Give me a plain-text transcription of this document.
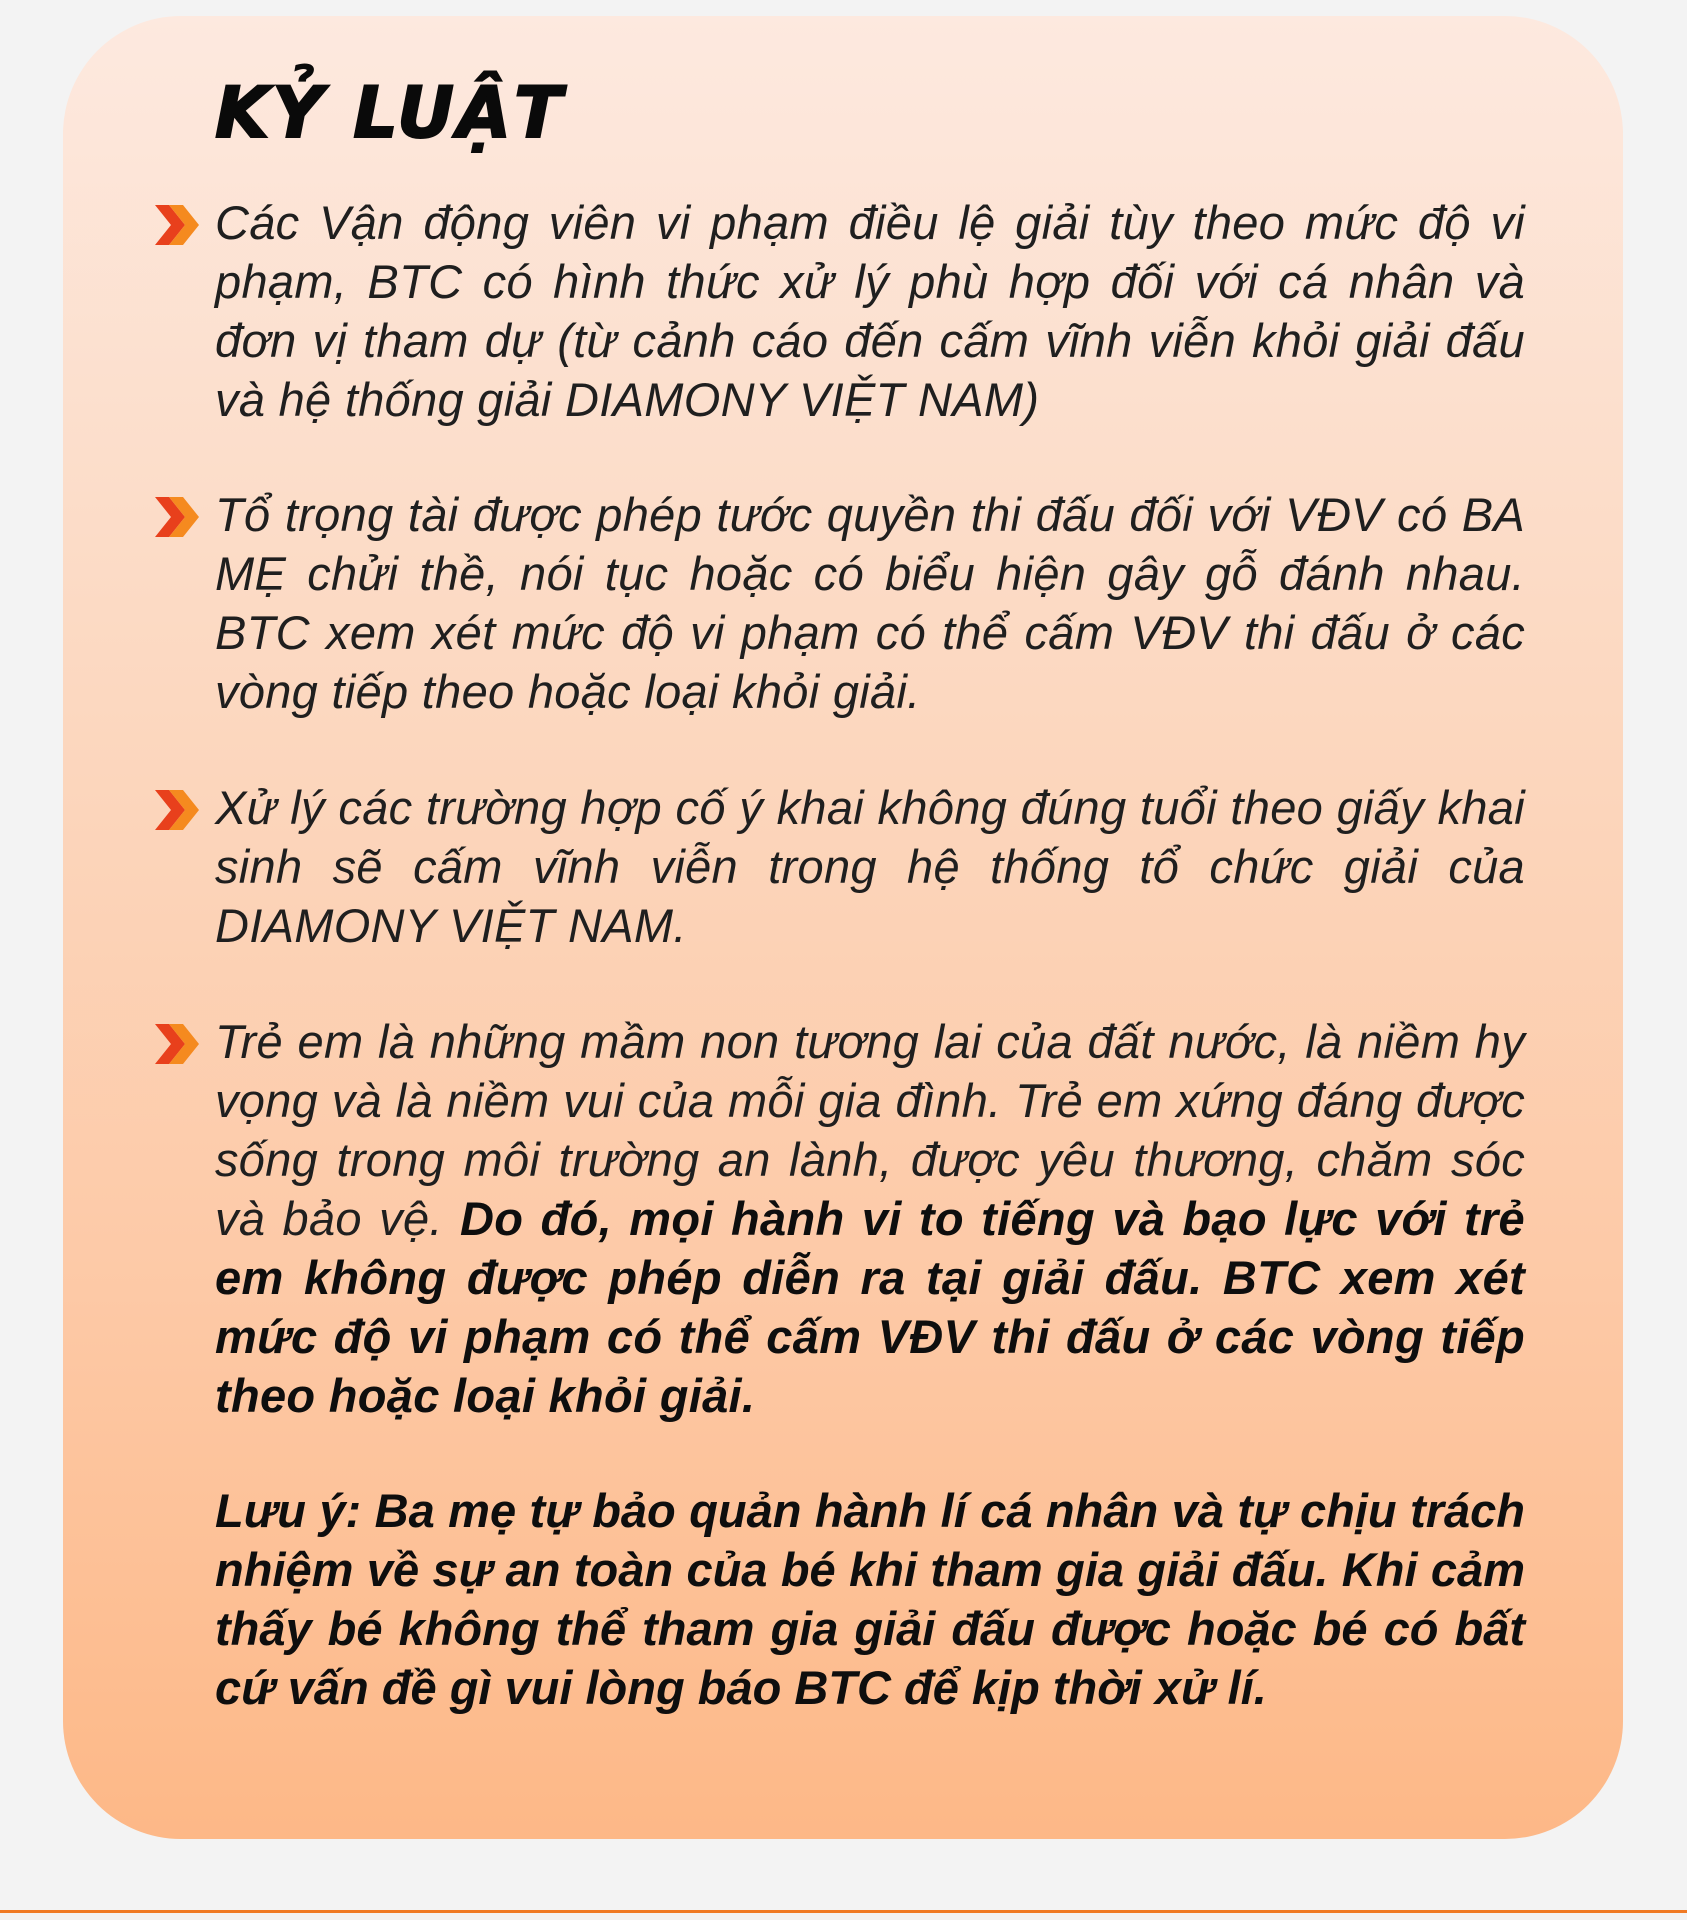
KỶ LUẬT

Các Vận động viên vi phạm điều lệ giải tùy theo mức độ vi phạm, BTC có hình thức xử lý phù hợp đối với cá nhân và đơn vị tham dự (từ cảnh cáo đến cấm vĩnh viễn khỏi giải đấu và hệ thống giải DIAMONY VIỆT NAM)

Tổ trọng tài được phép tước quyền thi đấu đối với VĐV có BA MẸ chửi thề, nói tục hoặc có biểu hiện gây gỗ đánh nhau. BTC xem xét mức độ vi phạm có thể cấm VĐV thi đấu ở các vòng tiếp theo hoặc loại khỏi giải.

Xử lý các trường hợp cố ý khai không đúng tuổi theo giấy khai sinh sẽ cấm vĩnh viễn trong hệ thống tổ chức giải của DIAMONY VIỆT NAM.

Trẻ em là những mầm non tương lai của đất nước, là niềm hy vọng và là niềm vui của mỗi gia đình. Trẻ em xứng đáng được sống trong môi trường an lành, được yêu thương, chăm sóc và bảo vệ. Do đó, mọi hành vi to tiếng và bạo lực với trẻ em không được phép diễn ra tại giải đấu. BTC xem xét mức độ vi phạm có thể cấm VĐV thi đấu ở các vòng tiếp theo hoặc loại khỏi giải.

Lưu ý: Ba mẹ tự bảo quản hành lí cá nhân và tự chịu trách nhiệm về sự an toàn của bé khi tham gia giải đấu. Khi cảm thấy bé không thể tham gia giải đấu được hoặc bé có bất cứ vấn đề gì vui lòng báo BTC để kịp thời xử lí.
